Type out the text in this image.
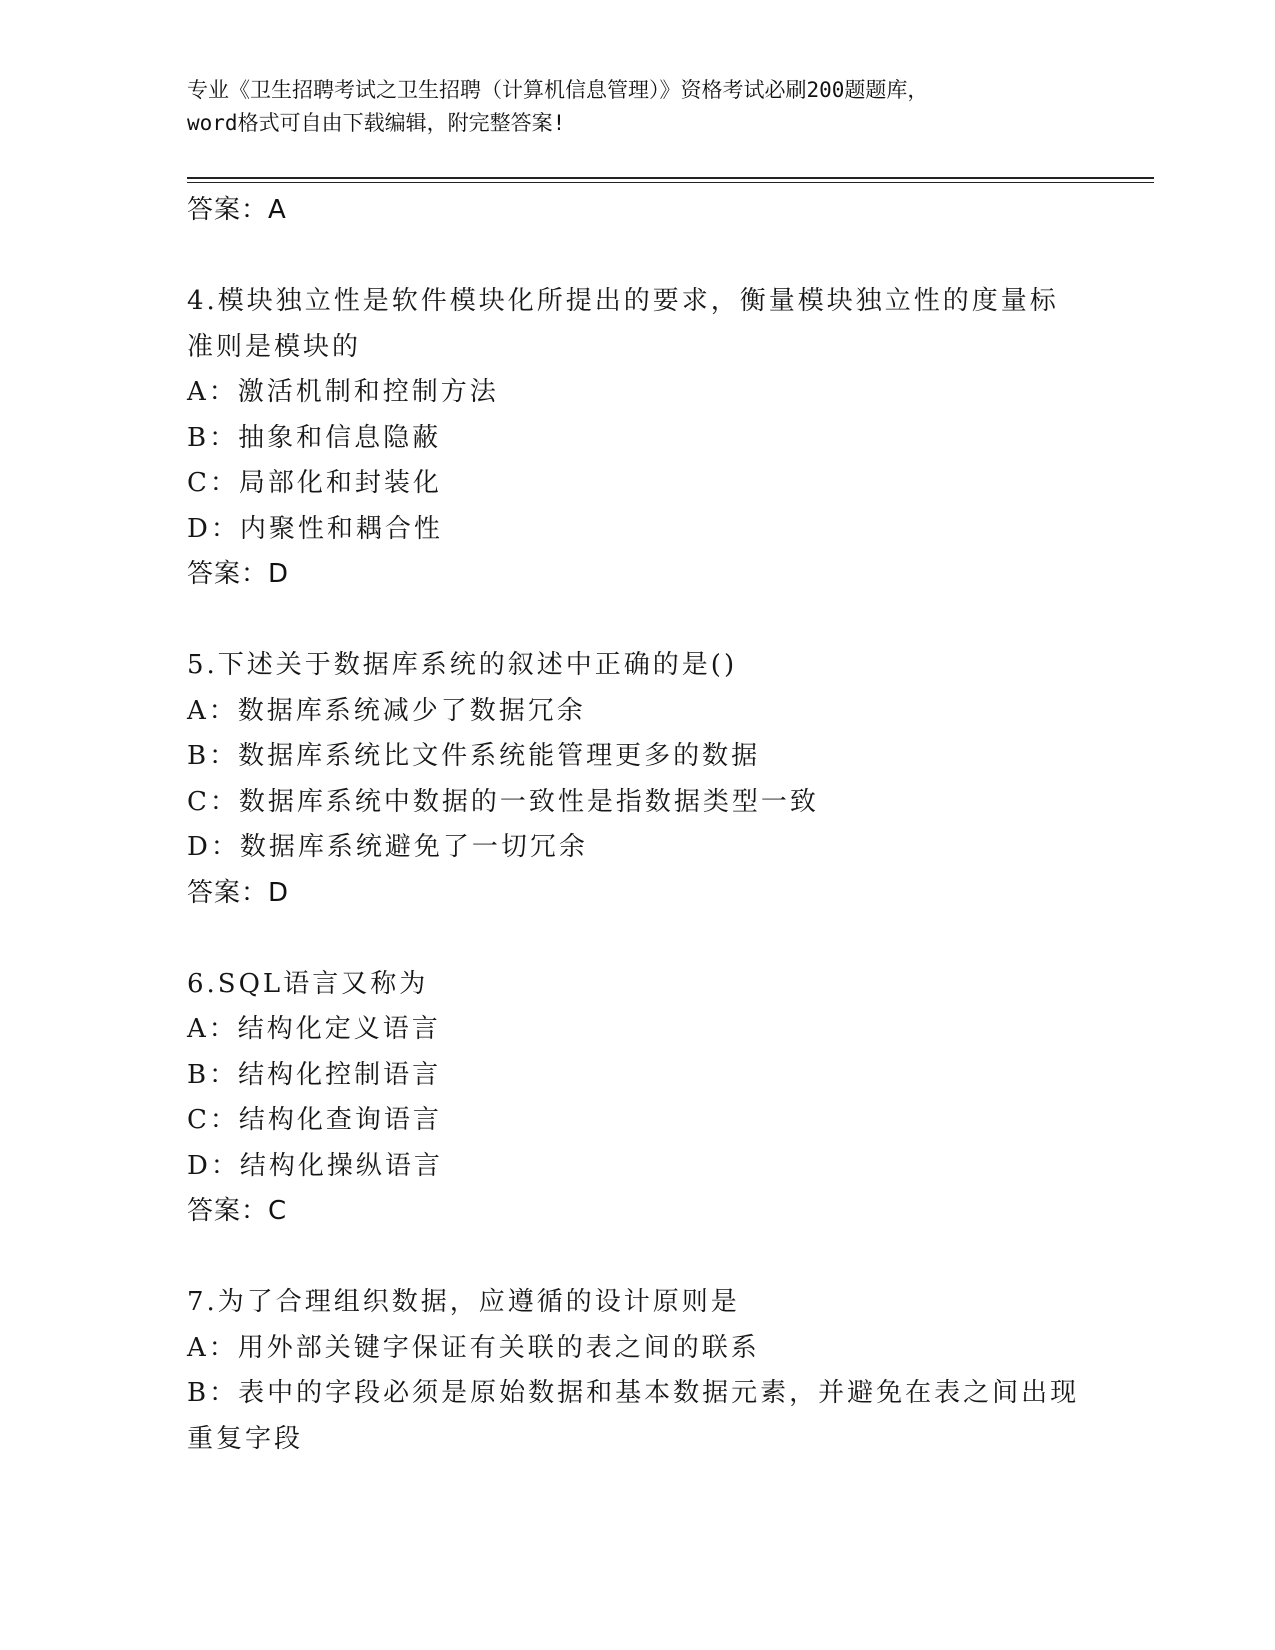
专业《卫生招聘考试之卫生招聘（计算机信息管理）》资格考试必刷200题题库，
word格式可自由下载编辑，附完整答案!
答案：A
4.模块独立性是软件模块化所提出的要求，衡量模块独立性的度量标
准则是模块的
A：激活机制和控制方法
B：抽象和信息隐蔽
C：局部化和封装化
D：内聚性和耦合性
答案：D
5.下述关于数据库系统的叙述中正确的是()
A：数据库系统减少了数据冗余
B：数据库系统比文件系统能管理更多的数据
C：数据库系统中数据的一致性是指数据类型一致
D：数据库系统避免了一切冗余
答案：D
6.SQL语言又称为
A：结构化定义语言
B：结构化控制语言
C：结构化查询语言
D：结构化操纵语言
答案：C
7.为了合理组织数据，应遵循的设计原则是
A：用外部关键字保证有关联的表之间的联系
B：表中的字段必须是原始数据和基本数据元素，并避免在表之间出现
重复字段
